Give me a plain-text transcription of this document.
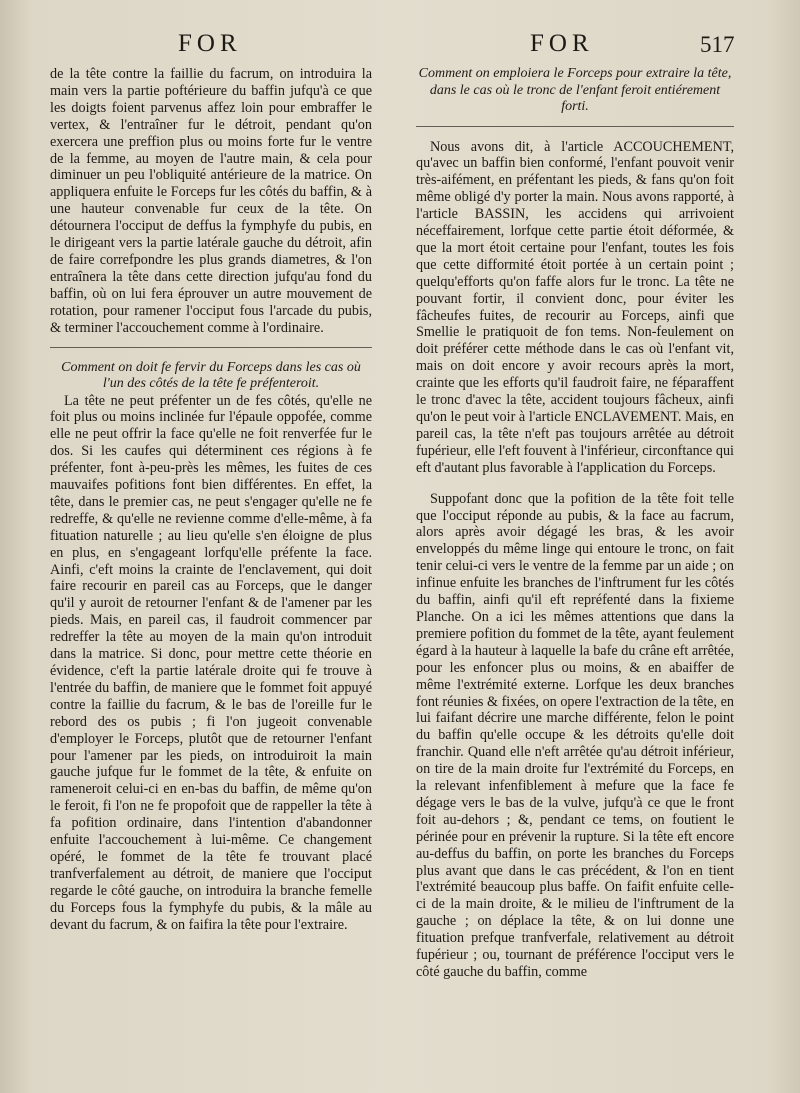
FOR	FOR	517

de la tête contre la faillie du facrum, on introduira la main vers la partie poftérieure du baffin jufqu'à ce que les doigts foient parvenus affez loin pour embraffer le vertex, & l'entraîner fur le détroit, pendant qu'on exercera une preffion plus ou moins forte fur le ventre de la femme, au moyen de l'autre main, & cela pour diminuer un peu l'obliquité antérieure de la matrice. On appliquera enfuite le Forceps fur les côtés du baffin, & à une hauteur convenable fur ceux de la tête. On détournera l'occiput de deffus la fymphyfe du pubis, en le dirigeant vers la partie latérale gauche du détroit, afin de faire correfpondre les plus grands diametres, & l'on entraînera la tête dans cette direction jufqu'au fond du baffin, où on lui fera éprouver un autre mouvement de rotation, pour ramener l'occiput fous l'arcade du pubis, & terminer l'accouchement comme à l'ordinaire.

Comment on doit fe fervir du Forceps dans les cas où l'un des côtés de la tête fe préfenteroit.

La tête ne peut préfenter un de fes côtés, qu'elle ne foit plus ou moins inclinée fur l'épaule oppofée, comme elle ne peut offrir la face qu'elle ne foit renverfée fur le dos. Si les caufes qui déterminent ces régions à fe préfenter, font à-peu-près les mêmes, les fuites de ces mauvaifes pofitions font bien différentes. En effet, la tête, dans le premier cas, ne peut s'engager qu'elle ne fe redreffe, & qu'elle ne revienne comme d'elle-même, à fa fituation naturelle ; au lieu qu'elle s'en éloigne de plus en plus, en s'engageant lorfqu'elle préfente la face. Ainfi, c'eft moins la crainte de l'enclavement, qui doit faire recourir en pareil cas au Forceps, que le danger qu'il y auroit de retourner l'enfant & de l'amener par les pieds. Mais, en pareil cas, il faudroit commencer par redreffer la tête au moyen de la main qu'on introduit dans la matrice. Si donc, pour mettre cette théorie en évidence, c'eft la partie latérale droite qui fe trouve à l'entrée du baffin, de maniere que le fommet foit appuyé contre la faillie du facrum, & le bas de l'oreille fur le rebord des os pubis ; fi l'on jugeoit convenable d'employer le Forceps, plutôt que de retourner l'enfant pour l'amener par les pieds, on introduiroit la main gauche jufque fur le fommet de la tête, & enfuite on rameneroit celui-ci en en-bas du baffin, de même qu'on le feroit, fi l'on ne fe propofoit que de rappeller la tête à fa pofition ordinaire, dans l'intention d'abandonner enfuite l'accouchement à lui-même. Ce changement opéré, le fommet de la tête fe trouvant placé tranfverfalement au détroit, de maniere que l'occiput regarde le côté gauche, on introduira la branche femelle du Forceps fous la fymphyfe du pubis, & la mâle au devant du facrum, & on faifira la tête pour l'extraire.

Comment on emploiera le Forceps pour extraire la tête, dans le cas où le tronc de l'enfant feroit entiérement forti.

Nous avons dit, à l'article ACCOUCHEMENT, qu'avec un baffin bien conformé, l'enfant pouvoit venir très-aifément, en préfentant les pieds, & fans qu'on foit même obligé d'y porter la main. Nous avons rapporté, à l'article BASSIN, les accidens qui arrivoient néceffairement, lorfque cette partie étoit déformée, & que la mort étoit certaine pour l'enfant, toutes les fois que cette difformité étoit portée à un certain point ; quelqu'efforts qu'on faffe alors fur le tronc. La tête ne pouvant fortir, il convient donc, pour éviter les fâcheufes fuites, de recourir au Forceps, ainfi que Smellie le pratiquoit de fon tems. Non-feulement on doit préférer cette méthode dans le cas où l'enfant vit, mais on doit encore y avoir recours après la mort, crainte que les efforts qu'il faudroit faire, ne féparaffent le tronc d'avec la tête, accident toujours fâcheux, ainfi qu'on le peut voir à l'article ENCLAVEMENT. Mais, en pareil cas, la tête n'eft pas toujours arrêtée au détroit fupérieur, elle l'eft fouvent à l'inférieur, circonftance qui eft d'autant plus favorable à l'application du Forceps.

Suppofant donc que la pofition de la tête foit telle que l'occiput réponde au pubis, & la face au facrum, alors après avoir dégagé les bras, & les avoir enveloppés du même linge qui entoure le tronc, on fait tenir celui-ci vers le ventre de la femme par un aide ; on infinue enfuite les branches de l'inftrument fur les côtés du baffin, ainfi qu'il eft repréfenté dans la fixieme Planche. On a ici les mêmes attentions que dans la premiere pofition du fommet de la tête, ayant feulement égard à la hauteur à laquelle la bafe du crâne eft arrêtée, pour les enfoncer plus ou moins, & en abaiffer de même l'extrémité externe. Lorfque les deux branches font réunies & fixées, on opere l'extraction de la tête, en lui faifant décrire une marche différente, felon le point du baffin qu'elle occupe & les détroits qu'elle doit franchir. Quand elle n'eft arrêtée qu'au détroit inférieur, on tire de la main droite fur l'extrémité du Forceps, en la relevant infenfiblement à mefure que la face fe dégage vers le bas de la vulve, jufqu'à ce que le front foit au-dehors ; &, pendant ce tems, on foutient le périnée pour en prévenir la rupture. Si la tête eft encore au-deffus du baffin, on porte les branches du Forceps plus avant que dans le cas précédent, & l'on en tient l'extrémité beaucoup plus baffe. On faifit enfuite celle-ci de la main droite, & le milieu de l'inftrument de la gauche ; on déplace la tête, & on lui donne une fituation prefque tranfverfale, relativement au détroit fupérieur ; ou, tournant de préférence l'occiput vers le côté gauche du baffin, comme
